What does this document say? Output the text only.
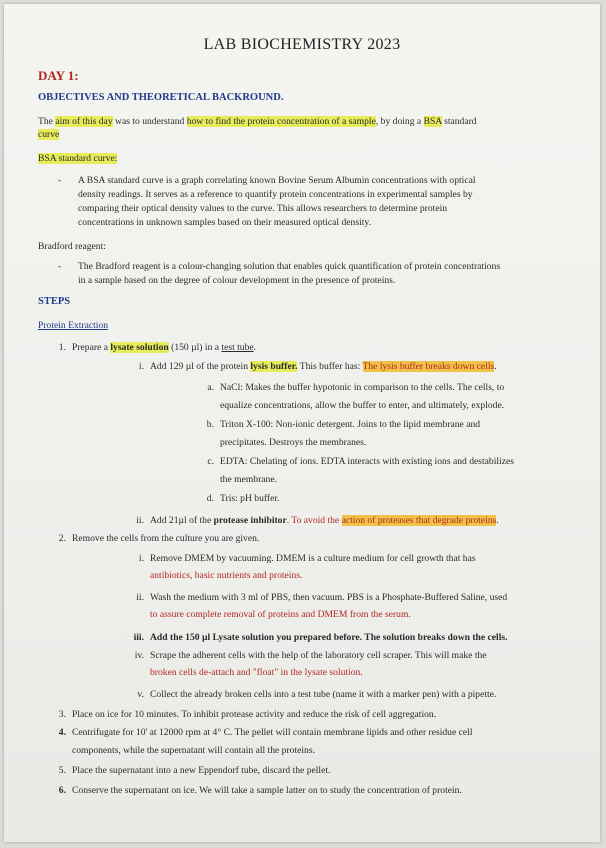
LAB BIOCHEMISTRY 2023
DAY 1:
OBJECTIVES AND THEORETICAL BACKROUND.
The aim of this day was to understand how to find the protein concentration of a sample, by doing a BSA standard
curve
BSA standard curve:
-	A BSA standard curve is a graph correlating known Bovine Serum Albumin concentrations with optical
density readings. It serves as a reference to quantify protein concentrations in experimental samples by
comparing their optical density values to the curve. This allows researchers to determine protein
concentrations in unknown samples based on their measured optical density.
Bradford reagent:
-	The Bradford reagent is a colour-changing solution that enables quick quantification of protein concentrations
in a sample based on the degree of colour development in the presence of proteins.
STEPS
Protein Extraction
1. Prepare a lysate solution (150 µl) in a test tube.
i. Add 129 µl of the protein lysis buffer. This buffer has: The lysis buffer breaks down cells.
a. NaCl: Makes the buffer hypotonic in comparison to the cells. The cells, to
equalize concentrations, allow the buffer to enter, and ultimately, explode.
b. Triton X-100: Non-ionic detergent. Joins to the lipid membrane and
precipitates. Destroys the membranes.
c. EDTA: Chelating of ions. EDTA interacts with existing ions and destabilizes
the membrane.
d. Tris: pH buffer.
ii. Add 21µl of the protease inhibitor. To avoid the action of proteases that degrade proteins.
2. Remove the cells from the culture you are given.
i. Remove DMEM by vacuuming. DMEM is a culture medium for cell growth that has
antibiotics, basic nutrients and proteins.
ii. Wash the medium with 3 ml of PBS, then vacuum. PBS is a Phosphate-Buffered Saline, used
to assure complete removal of proteins and DMEM from the serum.
iii. Add the 150 µl Lysate solution you prepared before. The solution breaks down the cells.
iv. Scrape the adherent cells with the help of the laboratory cell scraper. This will make the
broken cells de-attach and "float" in the lysate solution.
v. Collect the already broken cells into a test tube (name it with a marker pen) with a pipette.
3. Place on ice for 10 minutes. To inhibit protease activity and reduce the risk of cell aggregation.
4. Centrifugate for 10' at 12000 rpm at 4° C. The pellet will contain membrane lipids and other residue cell
components, while the supernatant will contain all the proteins.
5. Place the supernatant into a new Eppendorf tube, discard the pellet.
6. Conserve the supernatant on ice. We will take a sample latter on to study the concentration of protein.
